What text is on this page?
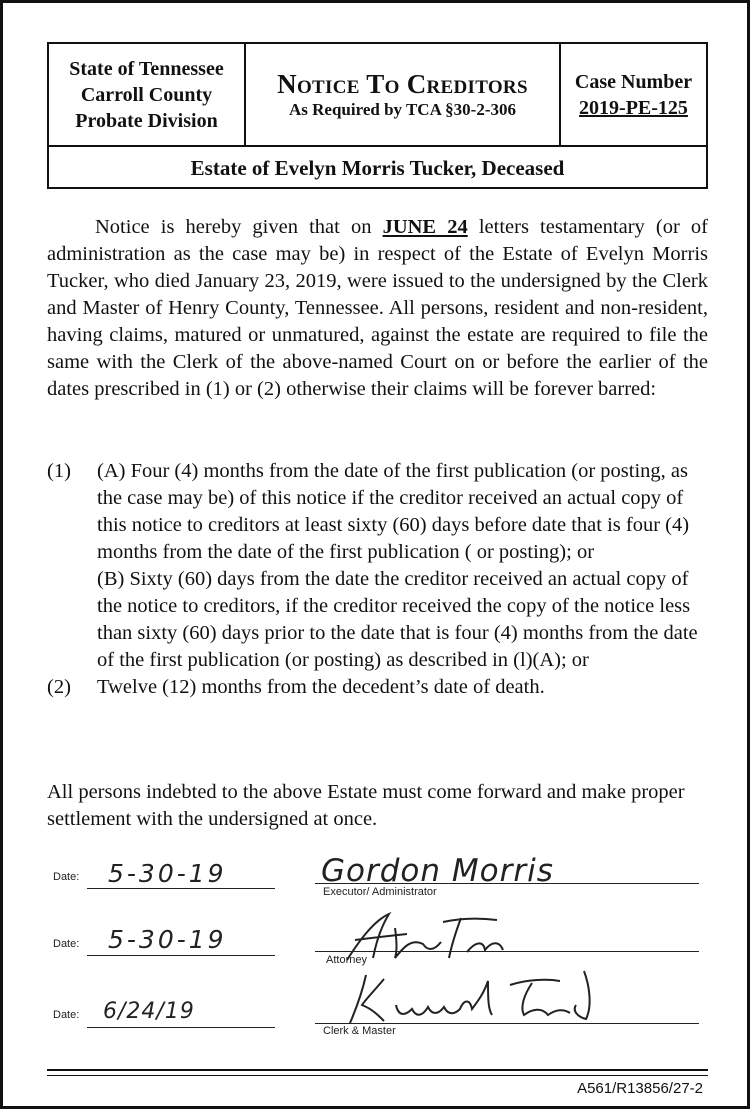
State of Tennessee
Carroll County
Probate Division
Notice To Creditors
As Required by TCA §30-2-306
Case Number
2019-PE-125
Estate of Evelyn Morris Tucker, Deceased
Notice is hereby given that on JUNE 24 letters testamentary (or of administration as the case may be) in respect of the Estate of Evelyn Morris Tucker, who died January 23, 2019, were issued to the undersigned by the Clerk and Master of Henry County, Tennessee. All persons, resident and non-resident, having claims, matured or unmatured, against the estate are required to file the same with the Clerk of the above-named Court on or before the earlier of the dates prescribed in (1) or (2) otherwise their claims will be forever barred:
(1)	(A) Four (4) months from the date of the first publication (or posting, as the case may be) of this notice if the creditor received an actual copy of this notice to creditors at least sixty (60) days before date that is four (4) months from the date of the first publication ( or posting); or
(B) Sixty (60) days from the date the creditor received an actual copy of the notice to creditors, if the creditor received the copy of the notice less than sixty (60) days prior to the date that is four (4) months from the date of the first publication (or posting) as described in (l)(A); or
(2)	Twelve (12) months from the decedent’s date of death.
All persons indebted to the above Estate must come forward and make proper settlement with the undersigned at once.
Date: 5-30-19
Executor/ Administrator
Gordon Morris
Date: 5-30-19
Attorney
Date: 6/24/19
Clerk & Master
A561/R13856/27-2
